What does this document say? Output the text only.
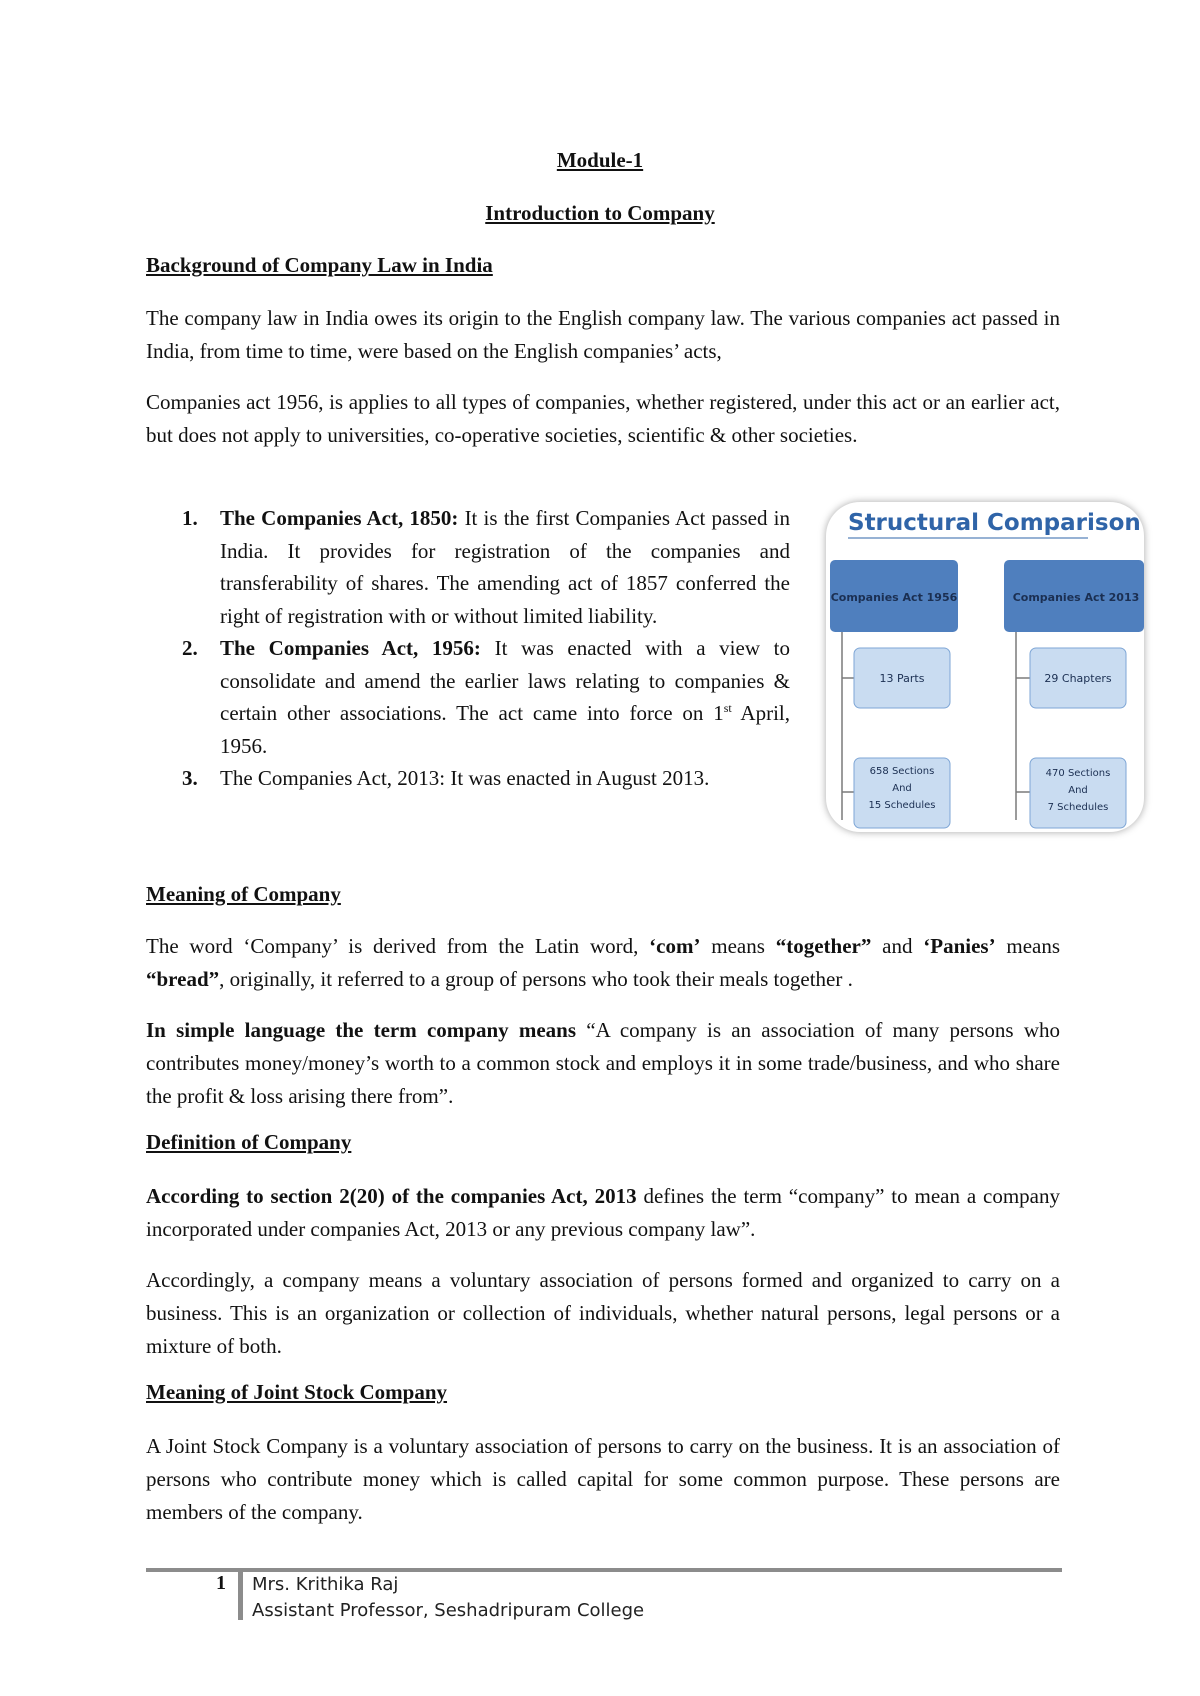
Module-1
Introduction to Company
Background of Company Law in India
The company law in India owes its origin to the English company law. The various companies act passed in India, from time to time, were based on the English companies’ acts,
Companies act 1956, is applies to all types of companies, whether registered, under this act or an earlier act, but does not apply to universities, co-operative societies, scientific & other societies.
1. The Companies Act, 1850: It is the first Companies Act passed in India. It provides for registration of the companies and transferability of shares. The amending act of 1857 conferred the right of registration with or without limited liability.
2. The Companies Act, 1956: It was enacted with a view to consolidate and amend the earlier laws relating to companies & certain other associations. The act came into force on 1st April, 1956.
3. The Companies Act, 2013: It was enacted in August 2013.
Structural Comparison
Companies Act 1956
13 Parts
658 Sections
And
15 Schedules
Companies Act 2013
29 Chapters
470 Sections
And
7 Schedules
Meaning of Company
The word ‘Company’ is derived from the Latin word, ‘com’ means “together” and ‘Panies’ means “bread”, originally, it referred to a group of persons who took their meals together .
In simple language the term company means “A company is an association of many persons who contributes money/money’s worth to a common stock and employs it in some trade/business, and who share the profit & loss arising there from”.
Definition of Company
According to section 2(20) of the companies Act, 2013 defines the term “company” to mean a company incorporated under companies Act, 2013 or any previous company law”.
Accordingly, a company means a voluntary association of persons formed and organized to carry on a business. This is an organization or collection of individuals, whether natural persons, legal persons or a mixture of both.
Meaning of Joint Stock Company
A Joint Stock Company is a voluntary association of persons to carry on the business. It is an association of persons who contribute money which is called capital for some common purpose. These persons are members of the company.
1 Mrs. Krithika Raj
Assistant Professor, Seshadripuram College
